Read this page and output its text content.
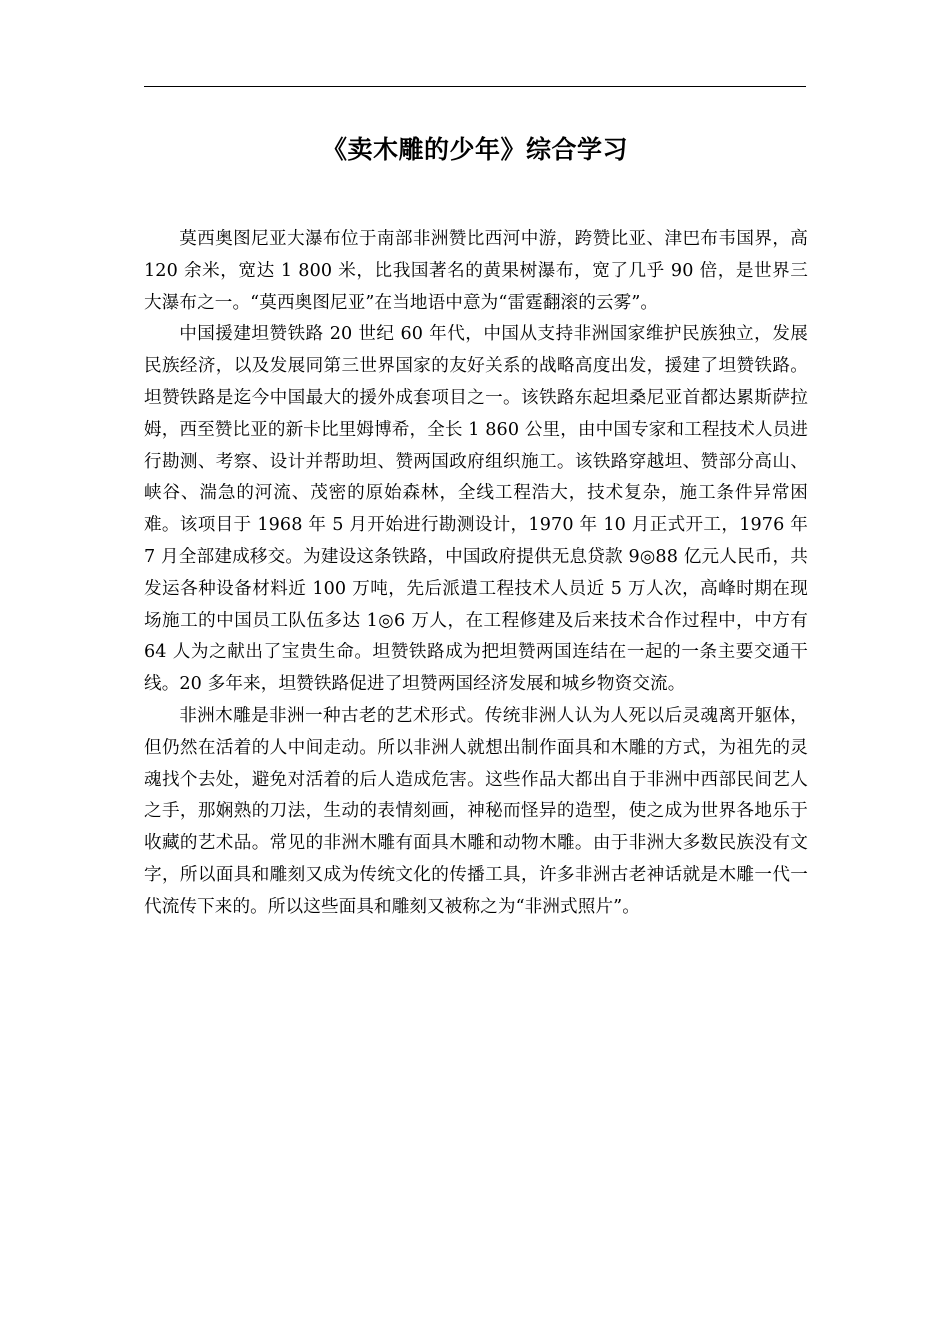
《卖木雕的少年》综合学习

莫西奥图尼亚大瀑布位于南部非洲赞比西河中游，跨赞比亚、津巴布韦国界，高 120 余米，宽达 1 800 米，比我国著名的黄果树瀑布，宽了几乎 90 倍，是世界三大瀑布之一。“莫西奥图尼亚”在当地语中意为“雷霆翻滚的云雾”。

中国援建坦赞铁路 20 世纪 60 年代，中国从支持非洲国家维护民族独立，发展民族经济，以及发展同第三世界国家的友好关系的战略高度出发，援建了坦赞铁路。坦赞铁路是迄今中国最大的援外成套项目之一。该铁路东起坦桑尼亚首都达累斯萨拉姆，西至赞比亚的新卡比里姆博希，全长 1 860 公里，由中国专家和工程技术人员进行勘测、考察、设计并帮助坦、赞两国政府组织施工。该铁路穿越坦、赞部分高山、峡谷、湍急的河流、茂密的原始森林，全线工程浩大，技术复杂，施工条件异常困难。该项目于 1968 年 5 月开始进行勘测设计，1970 年 10 月正式开工，1976 年 7 月全部建成移交。为建设这条铁路，中国政府提供无息贷款 9◎88 亿元人民币，共发运各种设备材料近 100 万吨，先后派遣工程技术人员近 5 万人次，高峰时期在现场施工的中国员工队伍多达 1◎6 万人，在工程修建及后来技术合作过程中，中方有 64 人为之献出了宝贵生命。坦赞铁路成为把坦赞两国连结在一起的一条主要交通干线。20 多年来，坦赞铁路促进了坦赞两国经济发展和城乡物资交流。

非洲木雕是非洲一种古老的艺术形式。传统非洲人认为人死以后灵魂离开躯体，但仍然在活着的人中间走动。所以非洲人就想出制作面具和木雕的方式，为祖先的灵魂找个去处，避免对活着的后人造成危害。这些作品大都出自于非洲中西部民间艺人之手，那娴熟的刀法，生动的表情刻画，神秘而怪异的造型，使之成为世界各地乐于收藏的艺术品。常见的非洲木雕有面具木雕和动物木雕。由于非洲大多数民族没有文字，所以面具和雕刻又成为传统文化的传播工具，许多非洲古老神话就是木雕一代一代流传下来的。所以这些面具和雕刻又被称之为“非洲式照片”。
